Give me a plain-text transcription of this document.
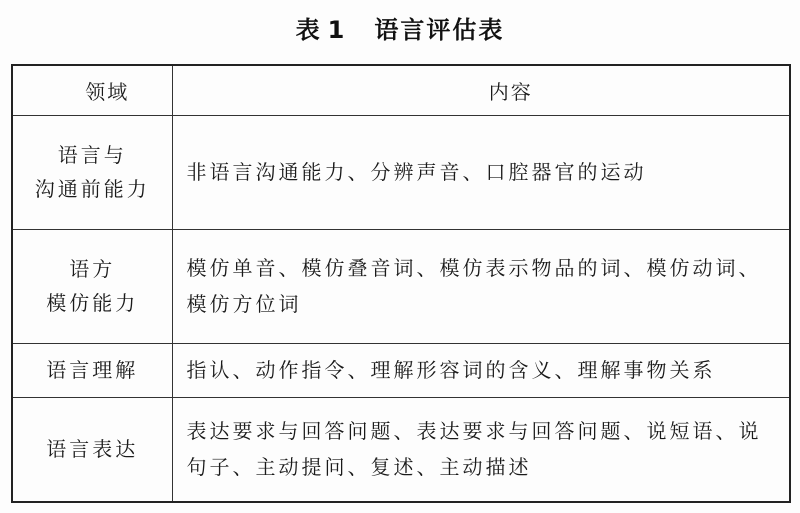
表 1 语言评估表
领域	内容

语言与
沟通前能力	非语言沟通能力、分辨声音、口腔器官的运动

语方
模仿能力	模仿单音、模仿叠音词、模仿表示物品的词、模仿动词、模仿方位词

语言理解	指认、动作指令、理解形容词的含义、理解事物关系

语言表达	表达要求与回答问题、表达要求与回答问题、说短语、说句子、主动提问、复述、主动描述
